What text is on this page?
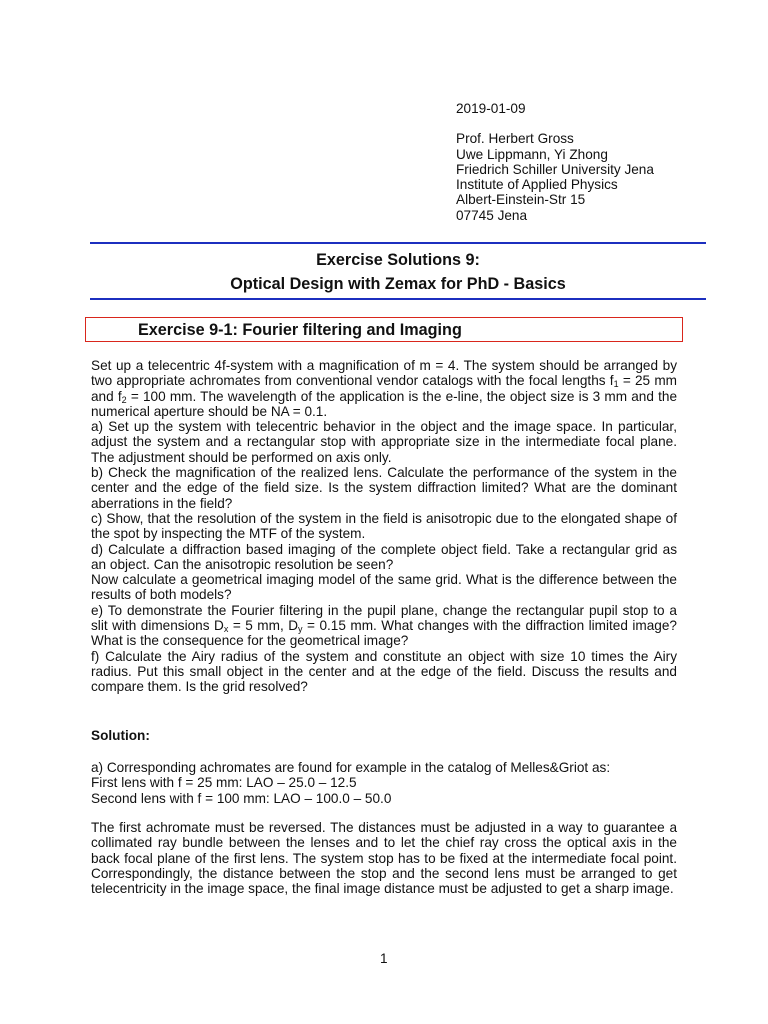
2019-01-09
Prof. Herbert Gross
Uwe Lippmann, Yi Zhong
Friedrich Schiller University Jena
Institute of Applied Physics
Albert-Einstein-Str 15
07745 Jena
Exercise Solutions 9:
Optical Design with Zemax for PhD - Basics
Exercise 9-1: Fourier filtering and Imaging

Set up a telecentric 4f-system with a magnification of m = 4. The system should be arranged by two appropriate achromates from conventional vendor catalogs with the focal lengths $f_1 = 25$ mm and $f_2 = 100$ mm. The wavelength of the application is the e-line, the object size is 3 mm and the numerical aperture should be NA = 0.1.

a) Set up the system with telecentric behavior in the object and the image space. In particular, adjust the system and a rectangular stop with appropriate size in the intermediate focal plane. The adjustment should be performed on axis only.

b) Check the magnification of the realized lens. Calculate the performance of the system in the center and the edge of the field size. Is the system diffraction limited? What are the dominant aberrations in the field?

c) Show, that the resolution of the system in the field is anisotropic due to the elongated shape of the spot by inspecting the MTF of the system.

d) Calculate a diffraction based imaging of the complete object field. Take a rectangular grid as an object. Can the anisotropic resolution be seen?

Now calculate a geometrical imaging model of the same grid. What is the difference between the results of both models?

e) To demonstrate the Fourier filtering in the pupil plane, change the rectangular pupil stop to a slit with dimensions $D_x = 5$ mm, $D_y = 0.15$ mm. What changes with the diffraction limited image? What is the consequence for the geometrical image?

f) Calculate the Airy radius of the system and constitute an object with size 10 times the Airy radius. Put this small object in the center and at the edge of the field. Discuss the results and compare them. Is the grid resolved?

Solution:

a) Corresponding achromates are found for example in the catalog of Melles&Griot as:

First lens with f = 25 mm: LAO – 25.0 – 12.5

Second lens with f = 100 mm: LAO – 100.0 – 50.0

The first achromate must be reversed. The distances must be adjusted in a way to guarantee a collimated ray bundle between the lenses and to let the chief ray cross the optical axis in the back focal plane of the first lens. The system stop has to be fixed at the intermediate focal point. Correspondingly, the distance between the stop and the second lens must be arranged to get telecentricity in the image space, the final image distance must be adjusted to get a sharp image.
1
